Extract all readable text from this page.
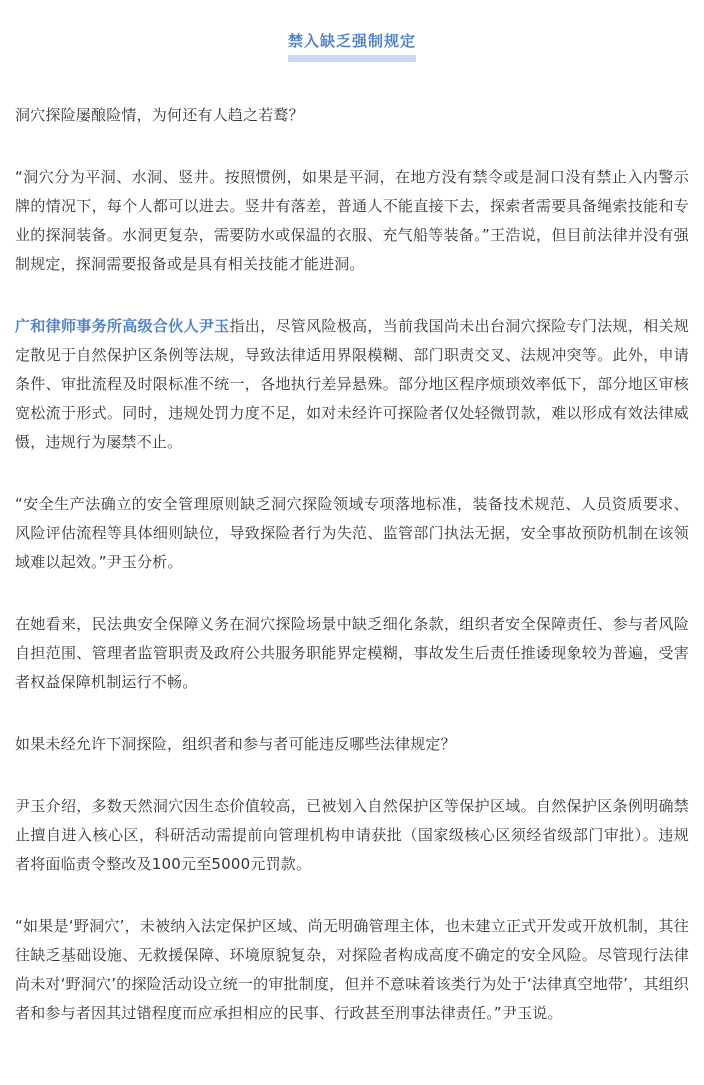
禁入缺乏强制规定

洞穴探险屡酿险情，为何还有人趋之若鹜？

“洞穴分为平洞、水洞、竖井。按照惯例，如果是平洞，在地方没有禁令或是洞口没有禁止入内警示牌的情况下，每个人都可以进去。竖井有落差，普通人不能直接下去，探索者需要具备绳索技能和专业的探洞装备。水洞更复杂，需要防水或保温的衣服、充气船等装备。”王浩说，但目前法律并没有强制规定，探洞需要报备或是具有相关技能才能进洞。

广和律师事务所高级合伙人尹玉指出，尽管风险极高，当前我国尚未出台洞穴探险专门法规，相关规定散见于自然保护区条例等法规，导致法律适用界限模糊、部门职责交叉、法规冲突等。此外，申请条件、审批流程及时限标准不统一，各地执行差异悬殊。部分地区程序烦琐效率低下，部分地区审核宽松流于形式。同时，违规处罚力度不足，如对未经许可探险者仅处轻微罚款，难以形成有效法律威慑，违规行为屡禁不止。

“安全生产法确立的安全管理原则缺乏洞穴探险领域专项落地标准，装备技术规范、人员资质要求、风险评估流程等具体细则缺位，导致探险者行为失范、监管部门执法无据，安全事故预防机制在该领域难以起效。”尹玉分析。

在她看来，民法典安全保障义务在洞穴探险场景中缺乏细化条款，组织者安全保障责任、参与者风险自担范围、管理者监管职责及政府公共服务职能界定模糊，事故发生后责任推诿现象较为普遍，受害者权益保障机制运行不畅。

如果未经允许下洞探险，组织者和参与者可能违反哪些法律规定？

尹玉介绍，多数天然洞穴因生态价值较高，已被划入自然保护区等保护区域。自然保护区条例明确禁止擅自进入核心区，科研活动需提前向管理机构申请获批（国家级核心区须经省级部门审批）。违规者将面临责令整改及100元至5000元罚款。

“如果是‘野洞穴’，未被纳入法定保护区域、尚无明确管理主体，也未建立正式开发或开放机制，其往往缺乏基础设施、无救援保障、环境原貌复杂，对探险者构成高度不确定的安全风险。尽管现行法律尚未对‘野洞穴’的探险活动设立统一的审批制度，但并不意味着该类行为处于‘法律真空地带’，其组织者和参与者因其过错程度而应承担相应的民事、行政甚至刑事法律责任。”尹玉说。
